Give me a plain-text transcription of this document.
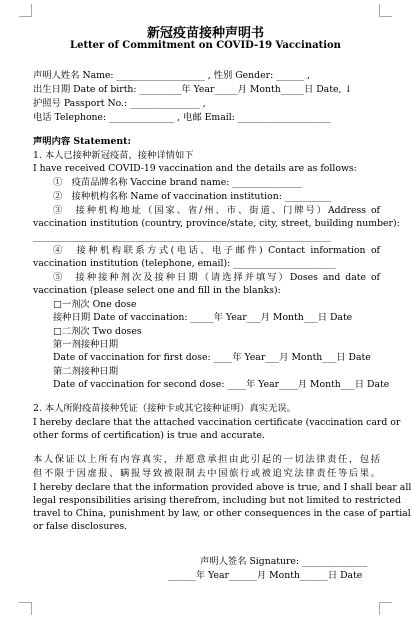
新冠疫苗接种声明书
Letter of Commitment on COVID-19 Vaccination
声明人姓名 Name: ___________________ , 性别 Gender: ______ ,
出生日期 Date of birth: _________年 Year_____月 Month_____日 Date, ↓
护照号 Passport No.: _______________ ,
电话 Telephone: ______________ , 电邮 Email: ____________________
声明内容 Statement:
1. 本人已接种新冠疫苗，接种详情如下
I have received COVID-19 vaccination and the details are as follows:
①　疫苗品牌名称 Vaccine brand name: _______________
②　接种机构名称 Name of vaccination institution: __________
③　接种机构地址（国家、省/州、市、街道、门牌号）Address of
vaccination institution (country, province/state, city, street, building number):
________________________________________________________________
④　接种机构联系方式(电话、电子邮件) Contact information of
vaccination institution (telephone, email): ______________________
⑤　接种接种剂次及接种日期（请选择并填写）Doses and date of
vaccination (please select one and fill in the blanks):
□一剂次 One dose
接种日期 Date of vaccination: _____年 Year___月 Month___日 Date
□二剂次 Two doses
第一剂接种日期
Date of vaccination for first dose: ____年 Year___月 Month___日 Date
第二剂接种日期
Date of vaccination for second dose: ____年 Year____月 Month___日 Date
2. 本人所附疫苗接种凭证（接种卡或其它接种证明）真实无误。
I hereby declare that the attached vaccination certificate (vaccination card or
other forms of certification) is true and accurate.
本人保证以上所有内容真实，并愿意承担由此引起的一切法律责任，包括
但不限于因虚报、瞒报导致被限制去中国旅行或被追究法律责任等后果。
I hereby declare that the information provided above is true, and I shall bear all
legal responsibilities arising therefrom, including but not limited to restricted
travel to China, punishment by law, or other consequences in the case of partial
or false disclosures.
声明人签名 Signature: ______________
______年 Year______月 Month______日 Date
